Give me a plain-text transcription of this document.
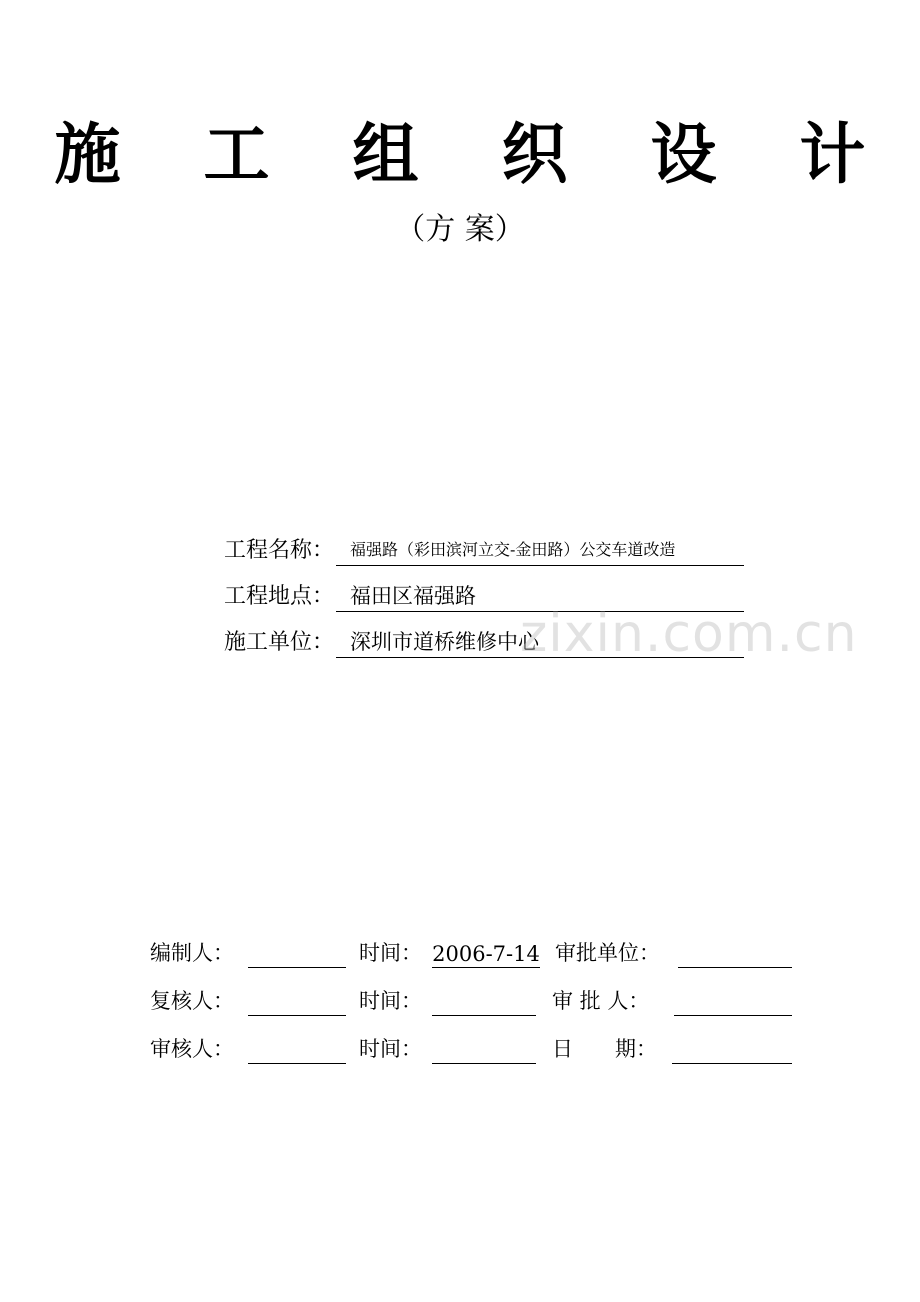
施 工 组 织 设 计
（方 案）
工程名称：	福强路（彩田滨河立交-金田路）公交车道改造
工程地点： 福田区福强路
施工单位： 深圳市道桥维修中心
zixin.com.cn
编制人：	时间： 2006-7-14 审批单位：
复核人：	时间：	审 批 人：
审核人：	时间：	日　　期：
